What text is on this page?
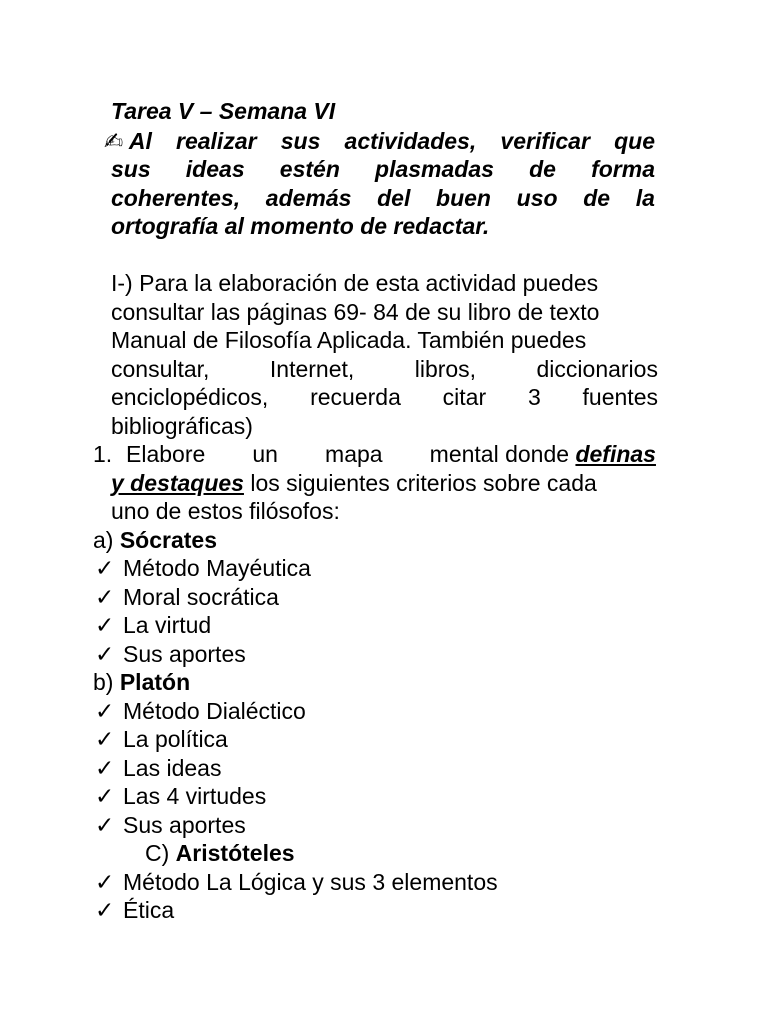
Tarea V – Semana VI
✍ Al realizar sus actividades, verificar que
sus ideas estén plasmadas de forma
coherentes, además del buen uso de la
ortografía al momento de redactar.
I-) Para la elaboración de esta actividad puedes
consultar las páginas 69- 84 de su libro de texto
Manual de Filosofía Aplicada. También puedes
consultar,	Internet,	libros,	diccionarios
enciclopédicos, recuerda citar 3 fuentes
bibliográficas)
1. Elabore un mapa mental donde definas
y destaques los siguientes criterios sobre cada
uno de estos filósofos:
a) Sócrates
✓ Método Mayéutica
✓ Moral socrática
✓ La virtud
✓ Sus aportes
b) Platón
✓ Método Dialéctico
✓ La política
✓ Las ideas
✓ Las 4 virtudes
✓ Sus aportes
C) Aristóteles
✓ Método La Lógica y sus 3 elementos
✓ Ética
